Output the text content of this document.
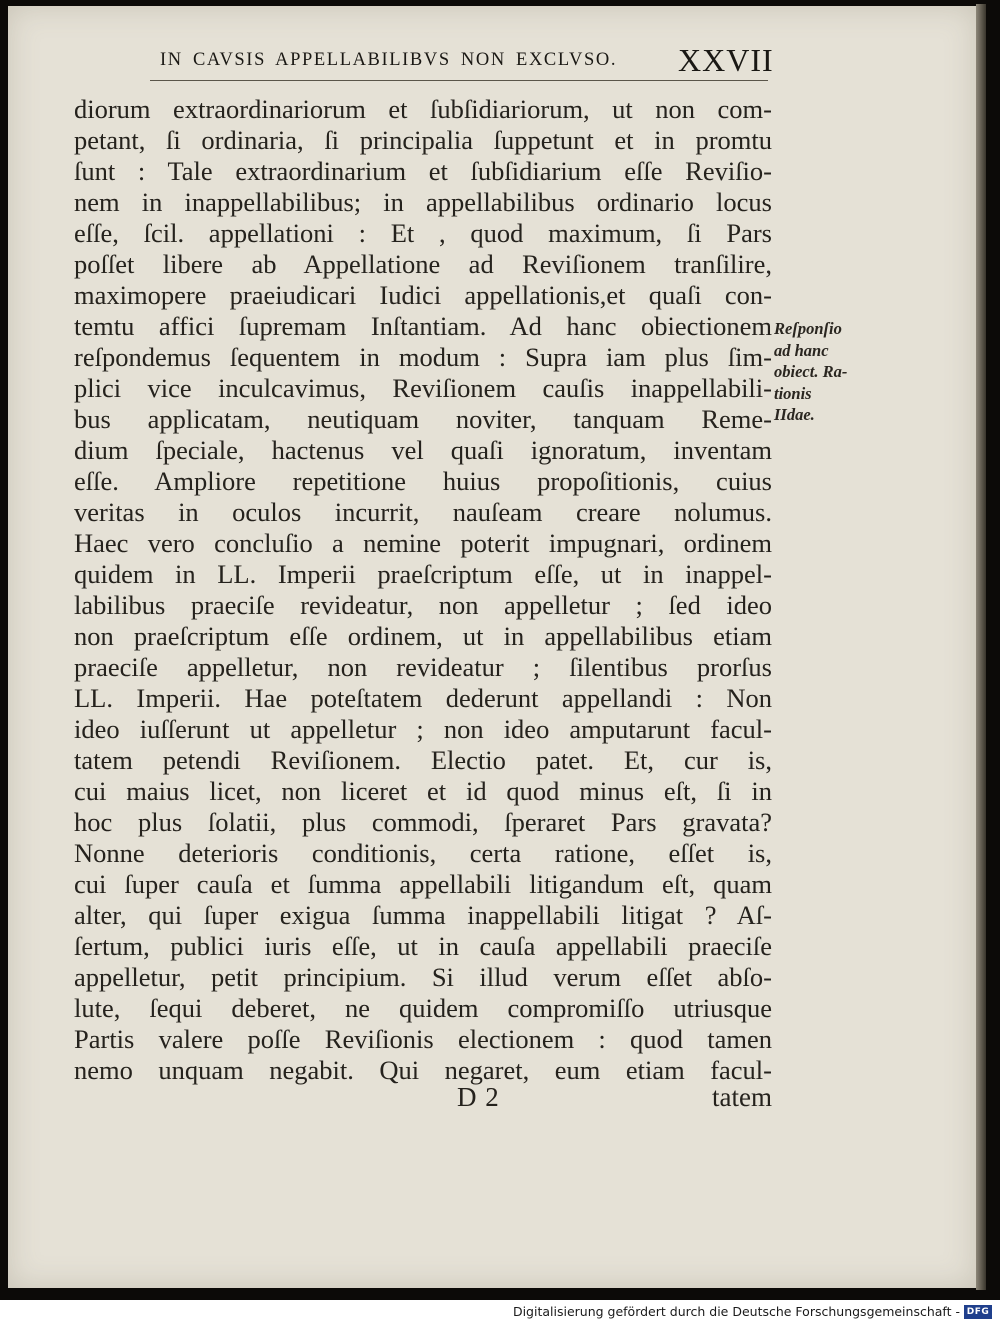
IN CAVSIS APPELLABILIBVS NON EXCLVSO. XXVII
diorum extraordinariorum et ſubſidiariorum, ut non com-
petant, ſi ordinaria, ſi principalia ſuppetunt et in promtu
ſunt : Tale extraordinarium et ſubſidiarium eſſe Reviſio-
nem in inappellabilibus; in appellabilibus ordinario locus
eſſe, ſcil. appellationi : Et , quod maximum, ſi Pars
poſſet libere ab Appellatione ad Reviſionem tranſilire,
maximopere praeiudicari Iudici appellationis,et quaſi con-
temtu affici ſupremam Inſtantiam. Ad hanc obiectionem
reſpondemus ſequentem in modum : Supra iam plus ſim-
plici vice inculcavimus, Reviſionem cauſis inappellabili-
bus applicatam, neutiquam noviter, tanquam Reme-
dium ſpeciale, hactenus vel quaſi ignoratum, inventam
eſſe. Ampliore repetitione huius propoſitionis, cuius
veritas in oculos incurrit, nauſeam creare nolumus.
Haec vero concluſio a nemine poterit impugnari, ordinem
quidem in LL. Imperii praeſcriptum eſſe, ut in inappel-
labilibus praeciſe revideatur, non appelletur ; ſed ideo
non praeſcriptum eſſe ordinem, ut in appellabilibus etiam
praeciſe appelletur, non revideatur ; ſilentibus prorſus
LL. Imperii. Hae poteſtatem dederunt appellandi : Non
ideo iuſſerunt ut appelletur ; non ideo amputarunt facul-
tatem petendi Reviſionem. Electio patet. Et, cur is,
cui maius licet, non liceret et id quod minus eſt, ſi in
hoc plus ſolatii, plus commodi, ſperaret Pars gravata?
Nonne deterioris conditionis, certa ratione, eſſet is,
cui ſuper cauſa et ſumma appellabili litigandum eſt, quam
alter, qui ſuper exigua ſumma inappellabili litigat ? Aſ-
ſertum, publici iuris eſſe, ut in cauſa appellabili praeciſe
appelletur, petit principium. Si illud verum eſſet abſo-
lute, ſequi deberet, ne quidem compromiſſo utriusque
Partis valere poſſe Reviſionis electionem : quod tamen
nemo unquam negabit. Qui negaret, eum etiam facul-
Reſponſio
ad hanc
obiect. Ra-
tionis
IIdae.
D 2	tatem
Digitalisierung gefördert durch die Deutsche Forschungsgemeinschaft - DFG
